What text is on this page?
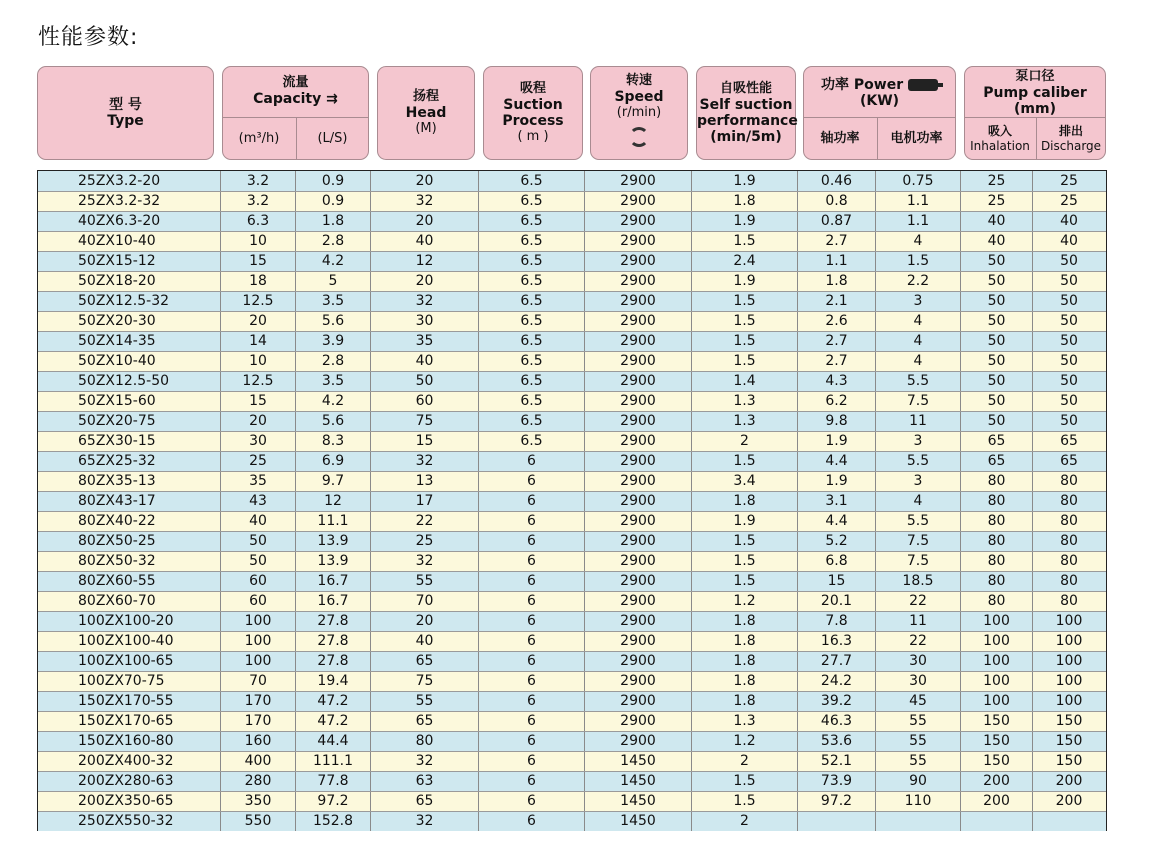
性能参数:
型 号
Type
流量
Capacity ⇉
(m³/h)	(L/S)
扬程
Head
(M)
吸程
Suction
Process
( m )
转速
Speed
(r/min)
自吸性能
Self suction
performance
(min/5m)
功率 Power
(KW)
轴功率	电机功率
泵口径
Pump caliber
(mm)
吸入
Inhalation
排出
Discharge
25ZX3.2-20	3.2	0.9	20	6.5	2900	1.9	0.46	0.75	25	25
25ZX3.2-32	3.2	0.9	32	6.5	2900	1.8	0.8	1.1	25	25
40ZX6.3-20	6.3	1.8	20	6.5	2900	1.9	0.87	1.1	40	40
40ZX10-40	10	2.8	40	6.5	2900	1.5	2.7	4	40	40
50ZX15-12	15	4.2	12	6.5	2900	2.4	1.1	1.5	50	50
50ZX18-20	18	5	20	6.5	2900	1.9	1.8	2.2	50	50
50ZX12.5-32	12.5	3.5	32	6.5	2900	1.5	2.1	3	50	50
50ZX20-30	20	5.6	30	6.5	2900	1.5	2.6	4	50	50
50ZX14-35	14	3.9	35	6.5	2900	1.5	2.7	4	50	50
50ZX10-40	10	2.8	40	6.5	2900	1.5	2.7	4	50	50
50ZX12.5-50	12.5	3.5	50	6.5	2900	1.4	4.3	5.5	50	50
50ZX15-60	15	4.2	60	6.5	2900	1.3	6.2	7.5	50	50
50ZX20-75	20	5.6	75	6.5	2900	1.3	9.8	11	50	50
65ZX30-15	30	8.3	15	6.5	2900	2	1.9	3	65	65
65ZX25-32	25	6.9	32	6	2900	1.5	4.4	5.5	65	65
80ZX35-13	35	9.7	13	6	2900	3.4	1.9	3	80	80
80ZX43-17	43	12	17	6	2900	1.8	3.1	4	80	80
80ZX40-22	40	11.1	22	6	2900	1.9	4.4	5.5	80	80
80ZX50-25	50	13.9	25	6	2900	1.5	5.2	7.5	80	80
80ZX50-32	50	13.9	32	6	2900	1.5	6.8	7.5	80	80
80ZX60-55	60	16.7	55	6	2900	1.5	15	18.5	80	80
80ZX60-70	60	16.7	70	6	2900	1.2	20.1	22	80	80
100ZX100-20	100	27.8	20	6	2900	1.8	7.8	11	100	100
100ZX100-40	100	27.8	40	6	2900	1.8	16.3	22	100	100
100ZX100-65	100	27.8	65	6	2900	1.8	27.7	30	100	100
100ZX70-75	70	19.4	75	6	2900	1.8	24.2	30	100	100
150ZX170-55	170	47.2	55	6	2900	1.8	39.2	45	100	100
150ZX170-65	170	47.2	65	6	2900	1.3	46.3	55	150	150
150ZX160-80	160	44.4	80	6	2900	1.2	53.6	55	150	150
200ZX400-32	400	111.1	32	6	1450	2	52.1	55	150	150
200ZX280-63	280	77.8	63	6	1450	1.5	73.9	90	200	200
200ZX350-65	350	97.2	65	6	1450	1.5	97.2	110	200	200
250ZX550-32	550	152.8	32	6	1450	2
